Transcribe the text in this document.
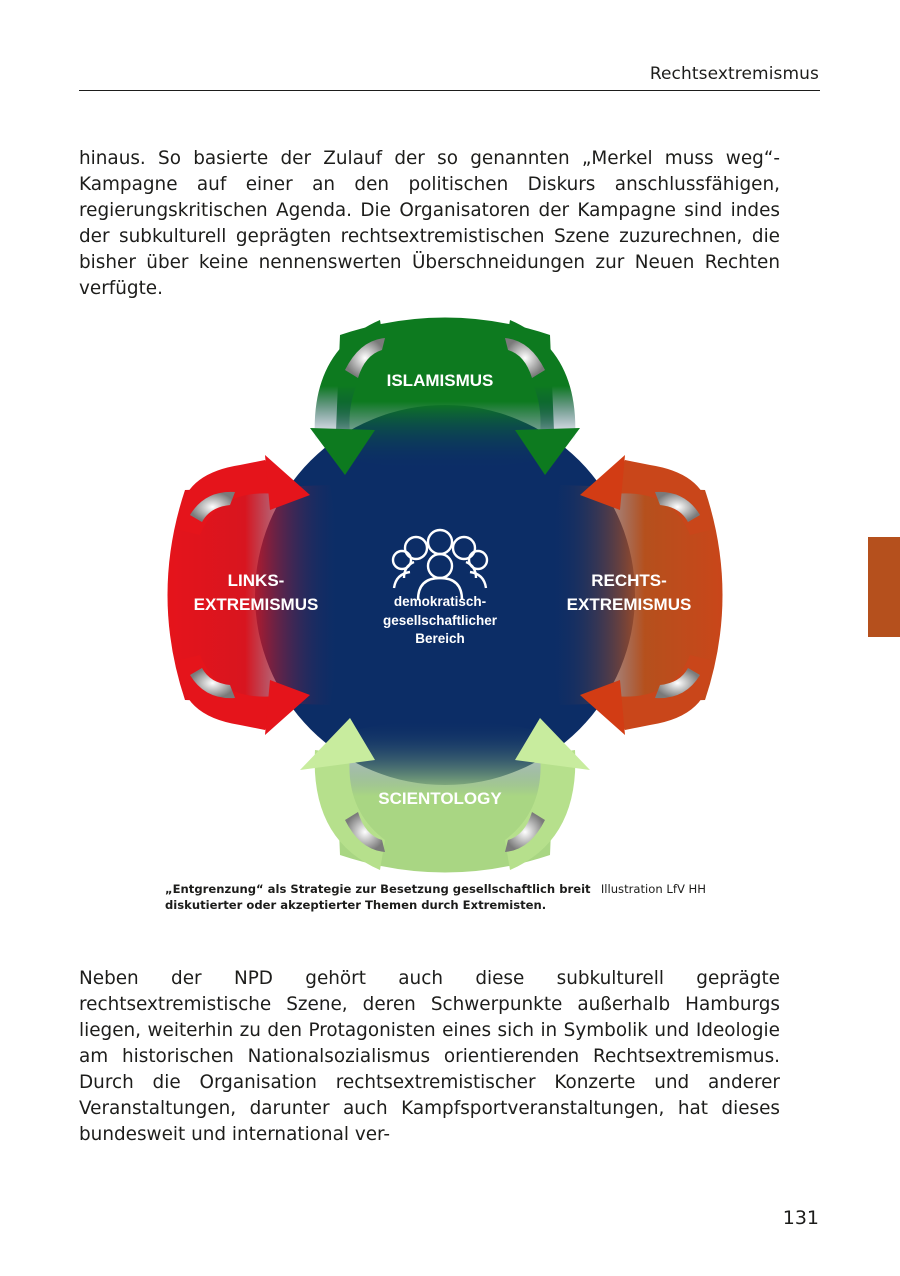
Rechtsextremismus

hinaus. So basierte der Zulauf der so genannten „Merkel muss weg“-Kampagne auf einer an den politischen Diskurs anschlussfähigen, regierungskritischen Agenda. Die Organisatoren der Kampagne sind indes der subkulturell geprägten rechtsextremistischen Szene zuzurechnen, die bisher über keine nennenswerten Überschneidungen zur Neuen Rechten verfügte.

ISLAMISMUS
SCIENTOLOGY
LINKS-
EXTREMISMUS
RECHTS-
EXTREMISMUS
demokratisch-
gesellschaftlicher
Bereich

Illustration LfV HH
„Entgrenzung“ als Strategie zur Besetzung gesellschaftlich breit diskutierter oder akzeptierter Themen durch Extremisten.

Neben der NPD gehört auch diese subkulturell geprägte rechtsextremistische Szene, deren Schwerpunkte außerhalb Hamburgs liegen, weiterhin zu den Protagonisten eines sich in Symbolik und Ideologie am historischen Nationalsozialismus orientierenden Rechtsextremismus. Durch die Organisation rechtsextremistischer Konzerte und anderer Veranstaltungen, darunter auch Kampfsportveranstaltungen, hat dieses bundesweit und international ver-

131
